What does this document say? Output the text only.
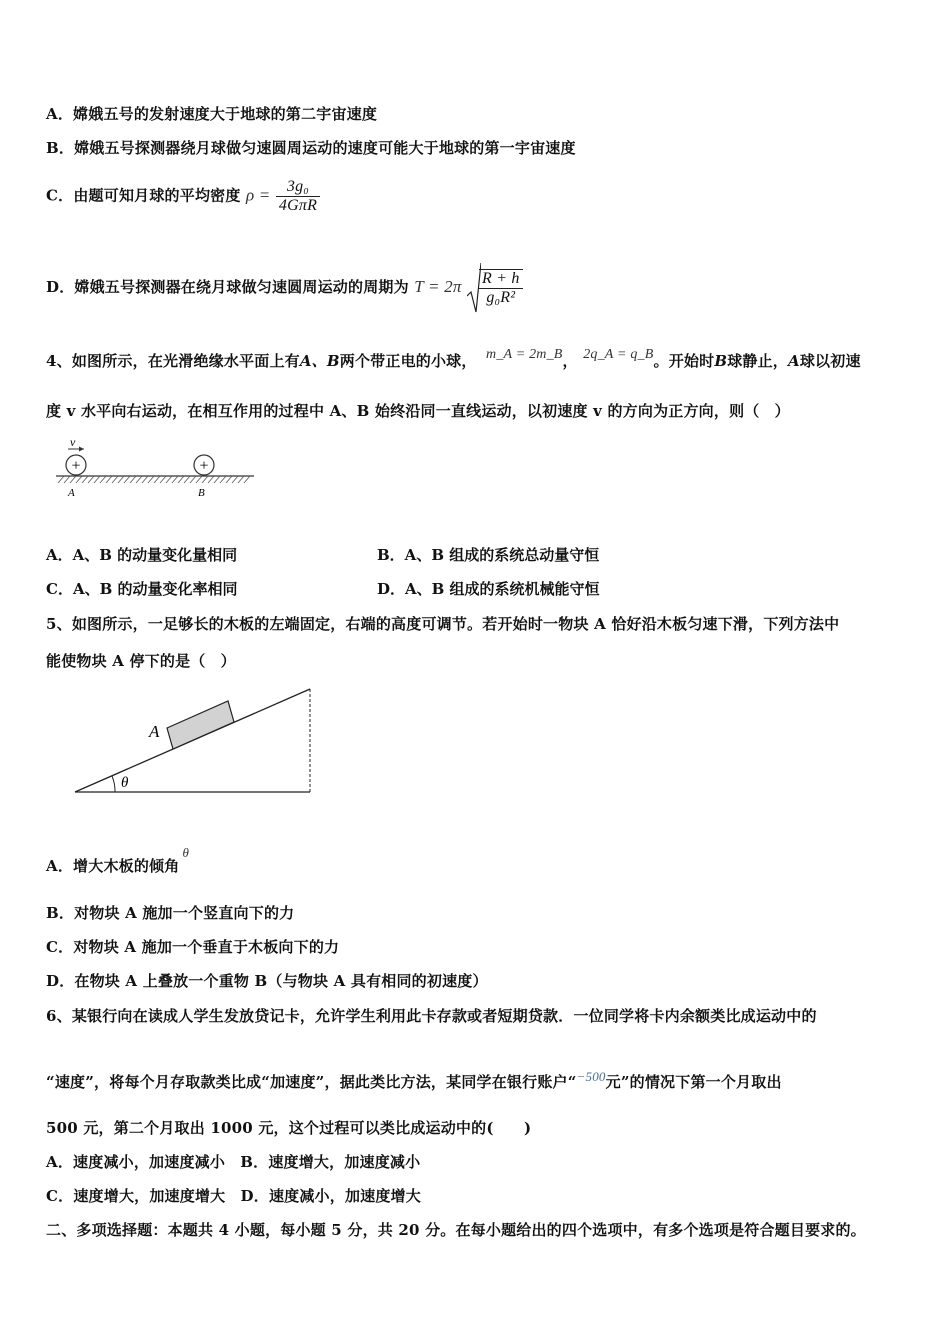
A．嫦娥五号的发射速度大于地球的第二宇宙速度
B．嫦娥五号探测器绕月球做匀速圆周运动的速度可能大于地球的第一宇宙速度
C．由题可知月球的平均密度 $\rho = \frac{\text{3g₀}}{\text{4GπR}}$
D．嫦娥五号探测器在绕月球做匀速圆周运动的周期为 $T = 2\pi \frac{R + h}{\text{g₀R²}}$
4、如图所示，在光滑绝缘水平面上有A、B两个带正电的小球， m_A = 2m_B， 2q_A = q_B。开始时B球静止，A球以初速
度 v 水平向右运动，在相互作用的过程中 A、B 始终沿同一直线运动，以初速度 v 的方向为正方向，则（　）
v
+	+
A	B
A．A、B 的动量变化量相同	B．A、B 组成的系统总动量守恒
C．A、B 的动量变化率相同	D．A、B 组成的系统机械能守恒
5、如图所示，一足够长的木板的左端固定，右端的高度可调节。若开始时一物块 A 恰好沿木板匀速下滑，下列方法中
能使物块 A 停下的是（　）
A
θ
A．增大木板的倾角θ
B．对物块 A 施加一个竖直向下的力
C．对物块 A 施加一个垂直于木板向下的力
D．在物块 A 上叠放一个重物 B（与物块 A 具有相同的初速度）
6、某银行向在读成人学生发放贷记卡，允许学生利用此卡存款或者短期贷款．一位同学将卡内余额类比成运动中的
“速度”，将每个月存取款类比成“加速度”，据此类比方法，某同学在银行账户“−500元”的情况下第一个月取出
500 元，第二个月取出 1000 元，这个过程可以类比成运动中的(　　)
A．速度减小，加速度减小　B．速度增大，加速度减小
C．速度增大，加速度增大　D．速度减小，加速度增大
二、多项选择题：本题共 4 小题，每小题 5 分，共 20 分。在每小题给出的四个选项中，有多个选项是符合题目要求的。
